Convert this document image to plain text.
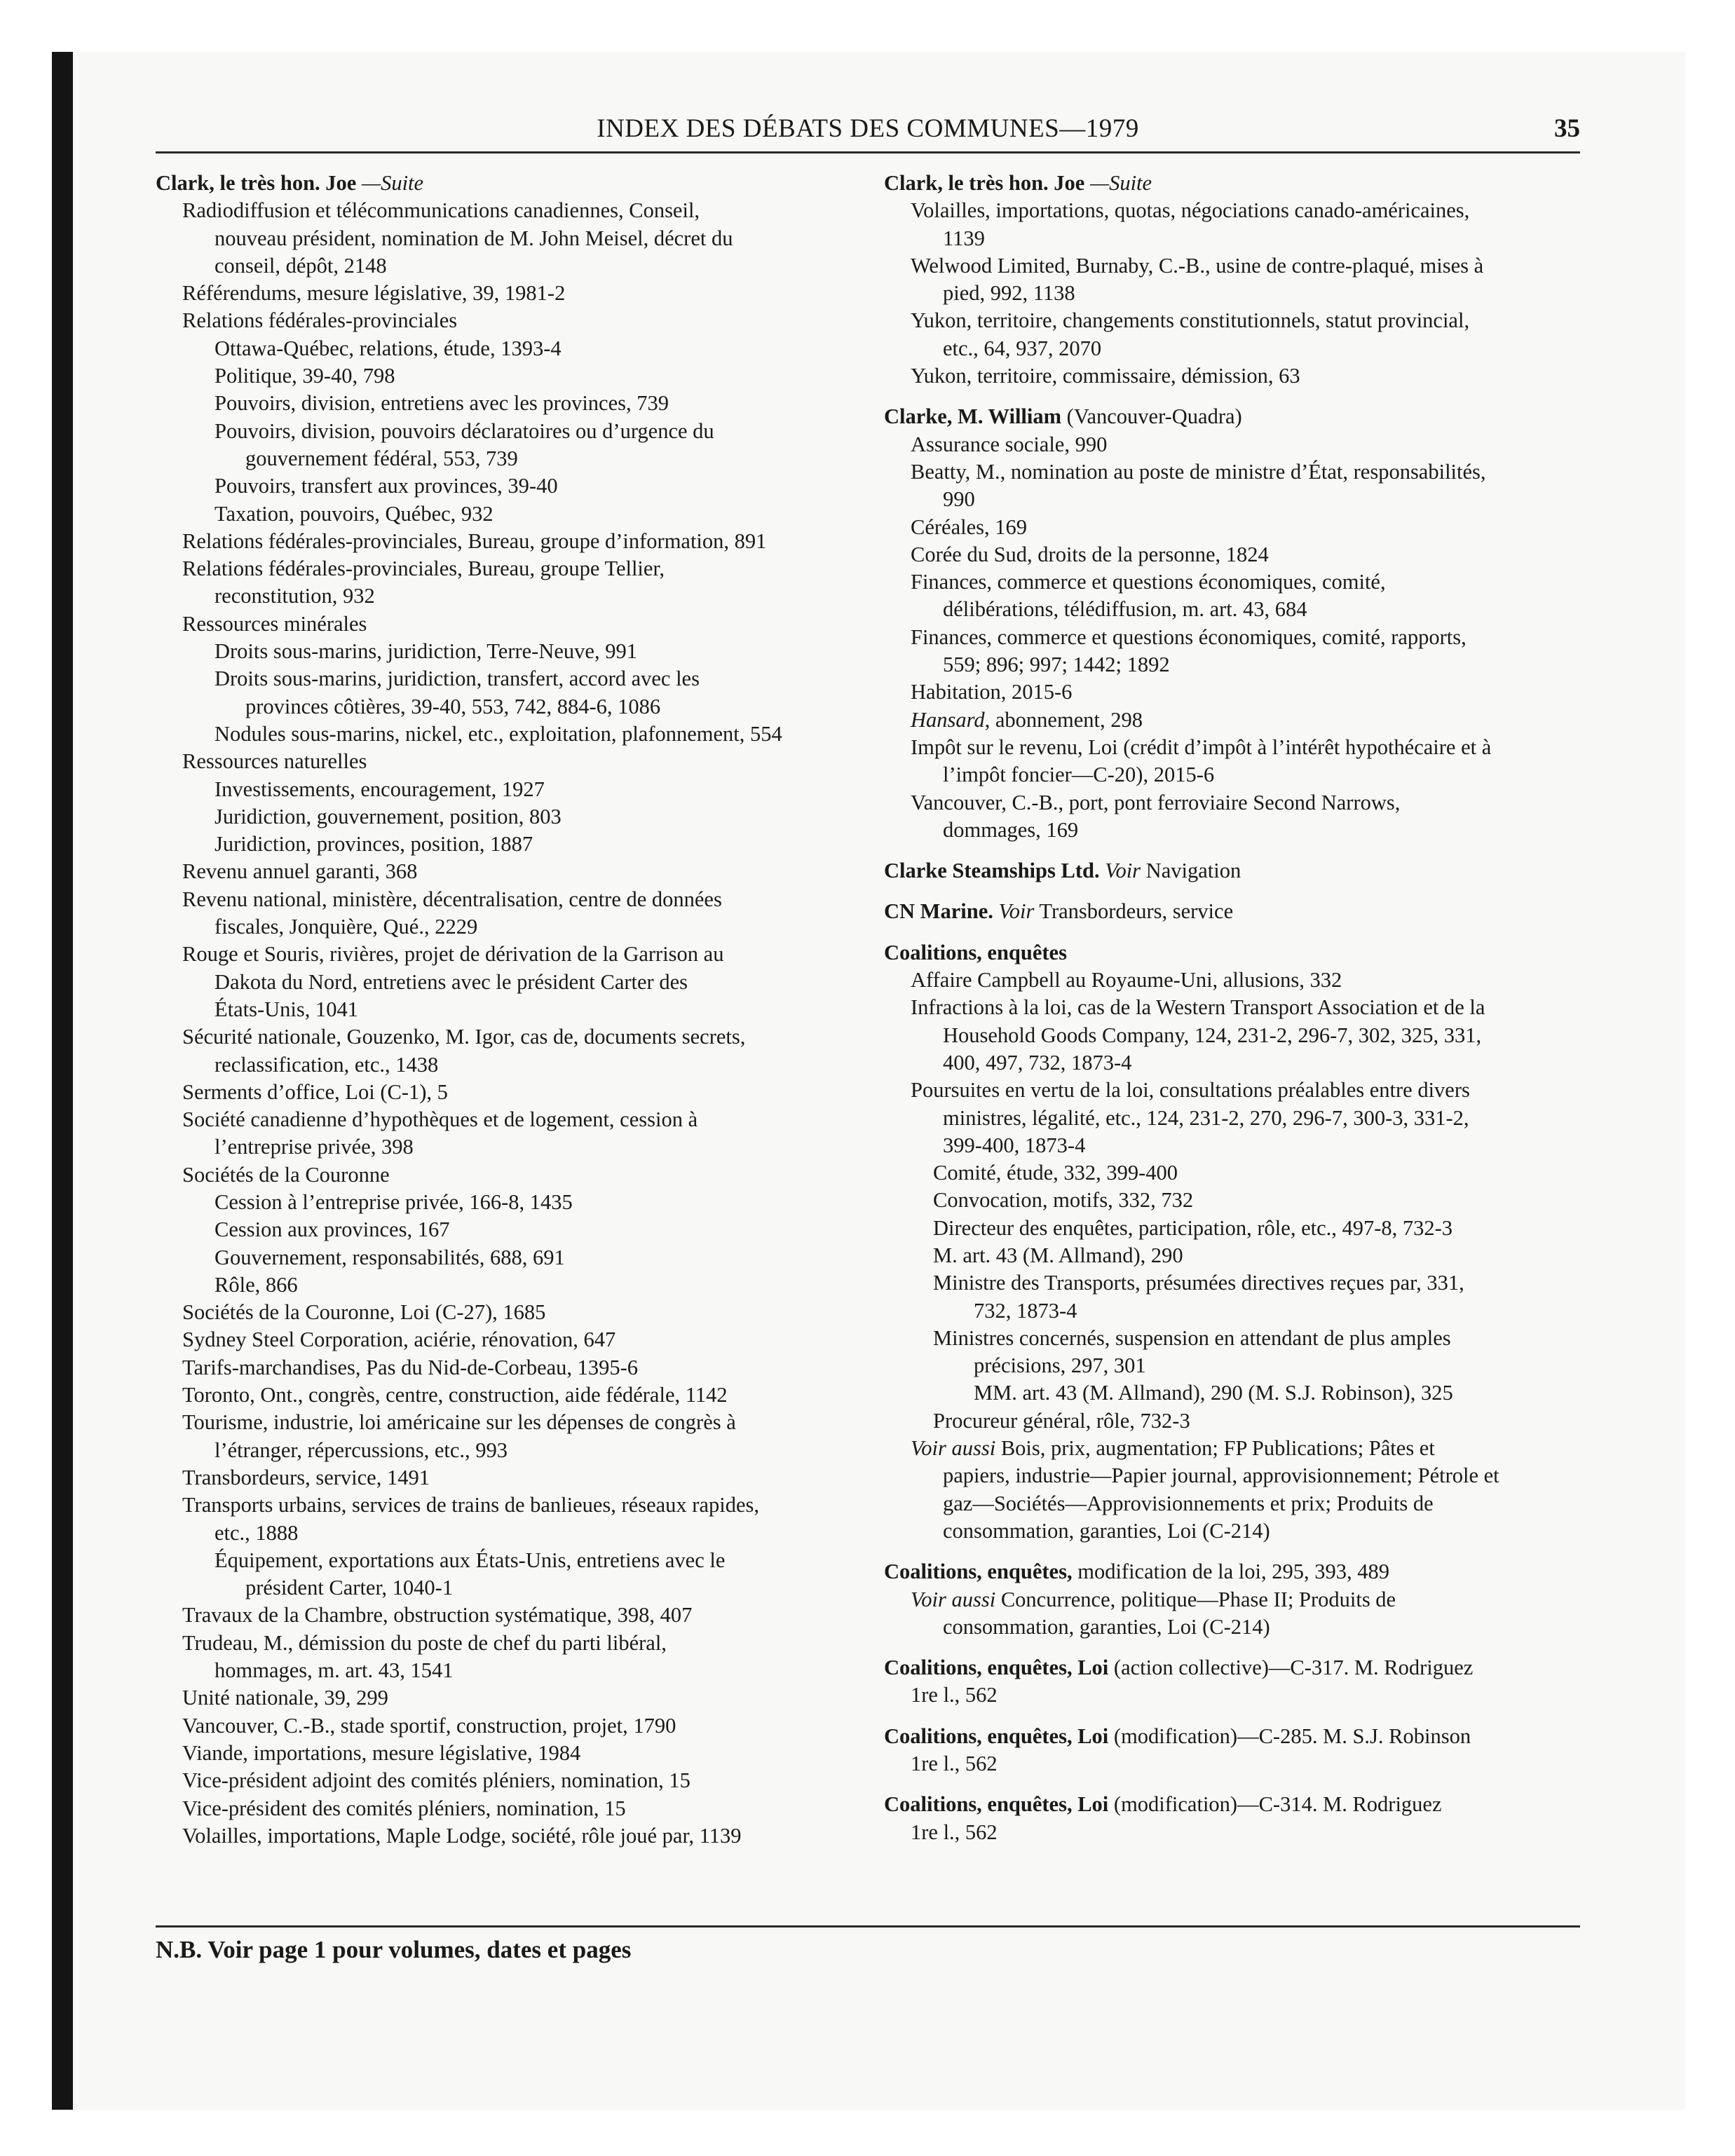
INDEX DES DÉBATS DES COMMUNES—1979	35
Clark, le très hon. Joe —Suite
Radiodiffusion et télécommunications canadiennes, Conseil,
nouveau président, nomination de M. John Meisel, décret du
conseil, dépôt, 2148
Référendums, mesure législative, 39, 1981-2
Relations fédérales-provinciales
Ottawa-Québec, relations, étude, 1393-4
Politique, 39-40, 798
Pouvoirs, division, entretiens avec les provinces, 739
Pouvoirs, division, pouvoirs déclaratoires ou d’urgence du
gouvernement fédéral, 553, 739
Pouvoirs, transfert aux provinces, 39-40
Taxation, pouvoirs, Québec, 932
Relations fédérales-provinciales, Bureau, groupe d’information, 891
Relations fédérales-provinciales, Bureau, groupe Tellier,
reconstitution, 932
Ressources minérales
Droits sous-marins, juridiction, Terre-Neuve, 991
Droits sous-marins, juridiction, transfert, accord avec les
provinces côtières, 39-40, 553, 742, 884-6, 1086
Nodules sous-marins, nickel, etc., exploitation, plafonnement, 554
Ressources naturelles
Investissements, encouragement, 1927
Juridiction, gouvernement, position, 803
Juridiction, provinces, position, 1887
Revenu annuel garanti, 368
Revenu national, ministère, décentralisation, centre de données
fiscales, Jonquière, Qué., 2229
Rouge et Souris, rivières, projet de dérivation de la Garrison au
Dakota du Nord, entretiens avec le président Carter des
États-Unis, 1041
Sécurité nationale, Gouzenko, M. Igor, cas de, documents secrets,
reclassification, etc., 1438
Serments d’office, Loi (C-1), 5
Société canadienne d’hypothèques et de logement, cession à
l’entreprise privée, 398
Sociétés de la Couronne
Cession à l’entreprise privée, 166-8, 1435
Cession aux provinces, 167
Gouvernement, responsabilités, 688, 691
Rôle, 866
Sociétés de la Couronne, Loi (C-27), 1685
Sydney Steel Corporation, aciérie, rénovation, 647
Tarifs-marchandises, Pas du Nid-de-Corbeau, 1395-6
Toronto, Ont., congrès, centre, construction, aide fédérale, 1142
Tourisme, industrie, loi américaine sur les dépenses de congrès à
l’étranger, répercussions, etc., 993
Transbordeurs, service, 1491
Transports urbains, services de trains de banlieues, réseaux rapides,
etc., 1888
Équipement, exportations aux États-Unis, entretiens avec le
président Carter, 1040-1
Travaux de la Chambre, obstruction systématique, 398, 407
Trudeau, M., démission du poste de chef du parti libéral,
hommages, m. art. 43, 1541
Unité nationale, 39, 299
Vancouver, C.-B., stade sportif, construction, projet, 1790
Viande, importations, mesure législative, 1984
Vice-président adjoint des comités pléniers, nomination, 15
Vice-président des comités pléniers, nomination, 15
Volailles, importations, Maple Lodge, société, rôle joué par, 1139
Clark, le très hon. Joe —Suite
Volailles, importations, quotas, négociations canado-américaines,
1139
Welwood Limited, Burnaby, C.-B., usine de contre-plaqué, mises à
pied, 992, 1138
Yukon, territoire, changements constitutionnels, statut provincial,
etc., 64, 937, 2070
Yukon, territoire, commissaire, démission, 63
Clarke, M. William (Vancouver-Quadra)
Assurance sociale, 990
Beatty, M., nomination au poste de ministre d’État, responsabilités,
990
Céréales, 169
Corée du Sud, droits de la personne, 1824
Finances, commerce et questions économiques, comité,
délibérations, télédiffusion, m. art. 43, 684
Finances, commerce et questions économiques, comité, rapports,
559; 896; 997; 1442; 1892
Habitation, 2015-6
Hansard, abonnement, 298
Impôt sur le revenu, Loi (crédit d’impôt à l’intérêt hypothécaire et à
l’impôt foncier—C-20), 2015-6
Vancouver, C.-B., port, pont ferroviaire Second Narrows,
dommages, 169
Clarke Steamships Ltd. Voir Navigation
CN Marine. Voir Transbordeurs, service
Coalitions, enquêtes
Affaire Campbell au Royaume-Uni, allusions, 332
Infractions à la loi, cas de la Western Transport Association et de la
Household Goods Company, 124, 231-2, 296-7, 302, 325, 331,
400, 497, 732, 1873-4
Poursuites en vertu de la loi, consultations préalables entre divers
ministres, légalité, etc., 124, 231-2, 270, 296-7, 300-3, 331-2,
399-400, 1873-4
Comité, étude, 332, 399-400
Convocation, motifs, 332, 732
Directeur des enquêtes, participation, rôle, etc., 497-8, 732-3
M. art. 43 (M. Allmand), 290
Ministre des Transports, présumées directives reçues par, 331,
732, 1873-4
Ministres concernés, suspension en attendant de plus amples
précisions, 297, 301
MM. art. 43 (M. Allmand), 290 (M. S.J. Robinson), 325
Procureur général, rôle, 732-3
Voir aussi Bois, prix, augmentation; FP Publications; Pâtes et
papiers, industrie—Papier journal, approvisionnement; Pétrole et
gaz—Sociétés—Approvisionnements et prix; Produits de
consommation, garanties, Loi (C-214)
Coalitions, enquêtes, modification de la loi, 295, 393, 489
Voir aussi Concurrence, politique—Phase II; Produits de
consommation, garanties, Loi (C-214)
Coalitions, enquêtes, Loi (action collective)—C-317. M. Rodriguez
1re l., 562
Coalitions, enquêtes, Loi (modification)—C-285. M. S.J. Robinson
1re l., 562
Coalitions, enquêtes, Loi (modification)—C-314. M. Rodriguez
1re l., 562
N.B. Voir page 1 pour volumes, dates et pages
